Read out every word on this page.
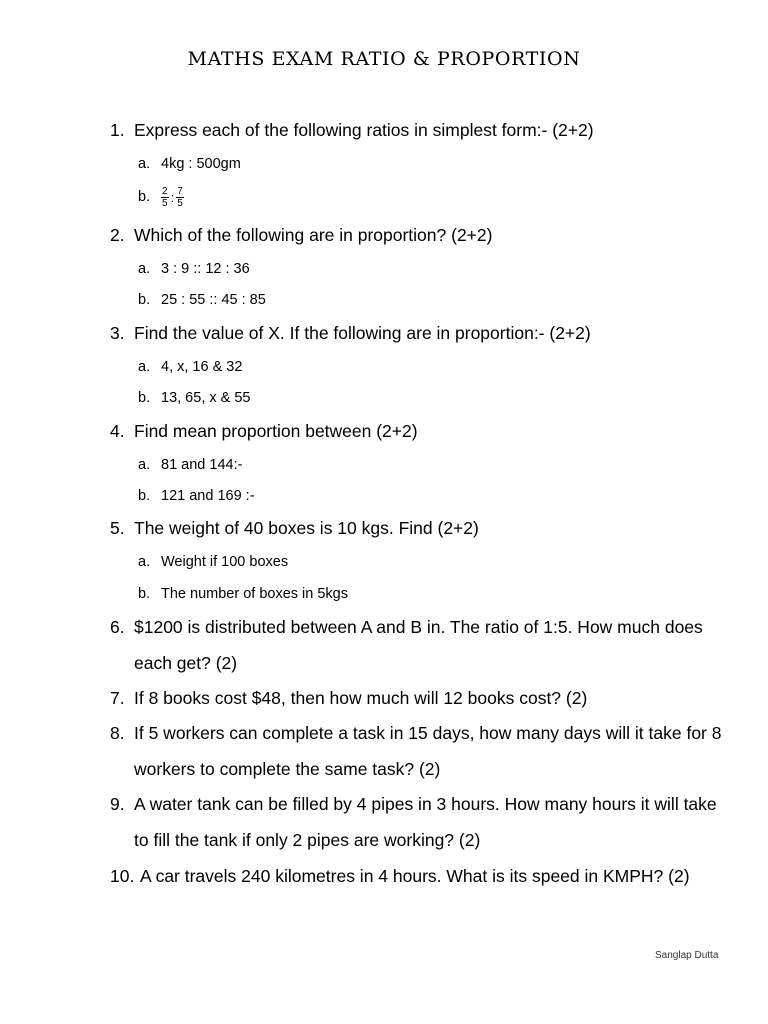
MATHS EXAM RATIO & PROPORTION
1. Express each of the following ratios in simplest form:- (2+2)
a. 4kg : 500gm
b. $\frac{2}{5}$ : $\frac{7}{5}$
2. Which of the following are in proportion? (2+2)
a. 3 : 9 :: 12 : 36
b. 25 : 55 :: 45 : 85
3. Find the value of X. If the following are in proportion:- (2+2)
a. 4, x, 16 & 32
b. 13, 65, x & 55
4. Find mean proportion between (2+2)
a. 81 and 144:-
b. 121 and 169 :-
5. The weight of 40 boxes is 10 kgs. Find (2+2)
a. Weight if 100 boxes
b. The number of boxes in 5kgs
6. $1200 is distributed between A and B in. The ratio of 1:5. How much does each get? (2)
7. If 8 books cost $48, then how much will 12 books cost? (2)
8. If 5 workers can complete a task in 15 days, how many days will it take for 8 workers to complete the same task? (2)
9. A water tank can be filled by 4 pipes in 3 hours. How many hours it will take to fill the tank if only 2 pipes are working? (2)
10. A car travels 240 kilometres in 4 hours. What is its speed in KMPH? (2)
Sanglap Dutta
